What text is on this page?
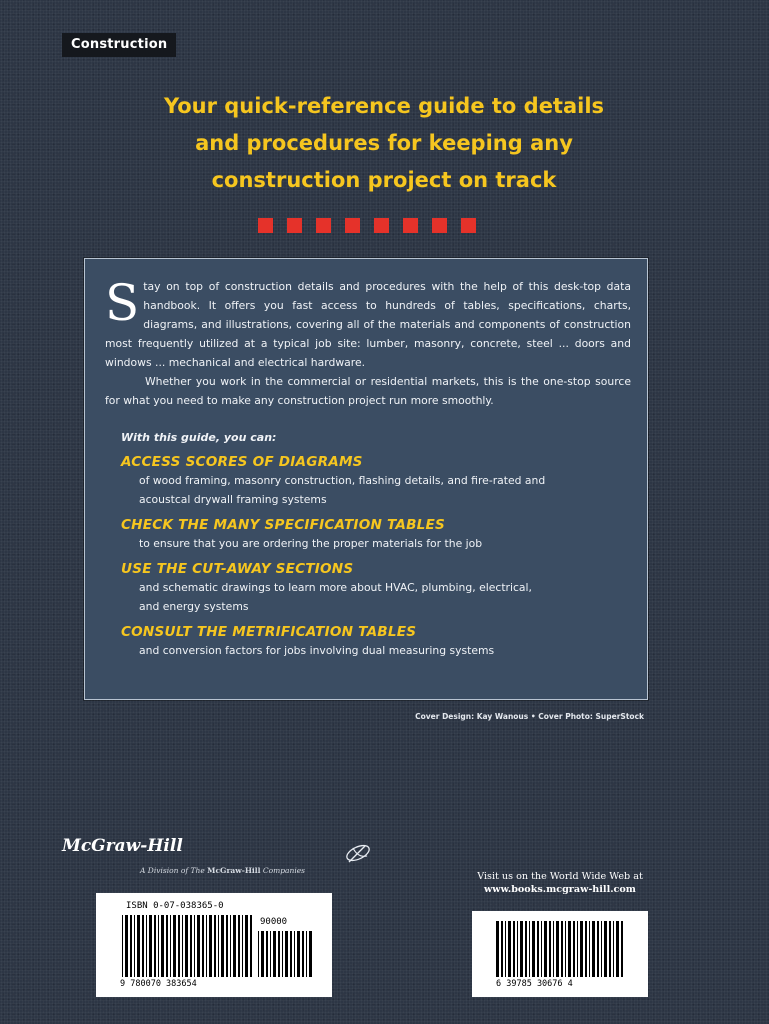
Construction
Your quick-reference guide to details
and procedures for keeping any
construction project on track

Stay on top of construction details and procedures with the help of this desk-top data handbook. It offers you fast access to hundreds of tables, specifications, charts, diagrams, and illustrations, covering all of the materials and components of construction most frequently utilized at a typical job site: lumber, masonry, concrete, steel ... doors and windows ... mechanical and electrical hardware.

Whether you work in the commercial or residential markets, this is the one-stop source for what you need to make any construction project run more smoothly.

With this guide, you can:
ACCESS SCORES OF DIAGRAMS
of wood framing, masonry construction, flashing details, and fire-rated and
acoustcal drywall framing systems
CHECK THE MANY SPECIFICATION TABLES
to ensure that you are ordering the proper materials for the job
USE THE CUT-AWAY SECTIONS
and schematic drawings to learn more about HVAC, plumbing, electrical,
and energy systems
CONSULT THE METRIFICATION TABLES
and conversion factors for jobs involving dual measuring systems
Cover Design: Kay Wanous • Cover Photo: SuperStock
McGraw-Hill
A Division of The McGraw-Hill Companies
Visit us on the World Wide Web at
www.books.mcgraw-hill.com
ISBN 0-07-038365-0
90000
9 780070 383654	6 39785 30676 4
